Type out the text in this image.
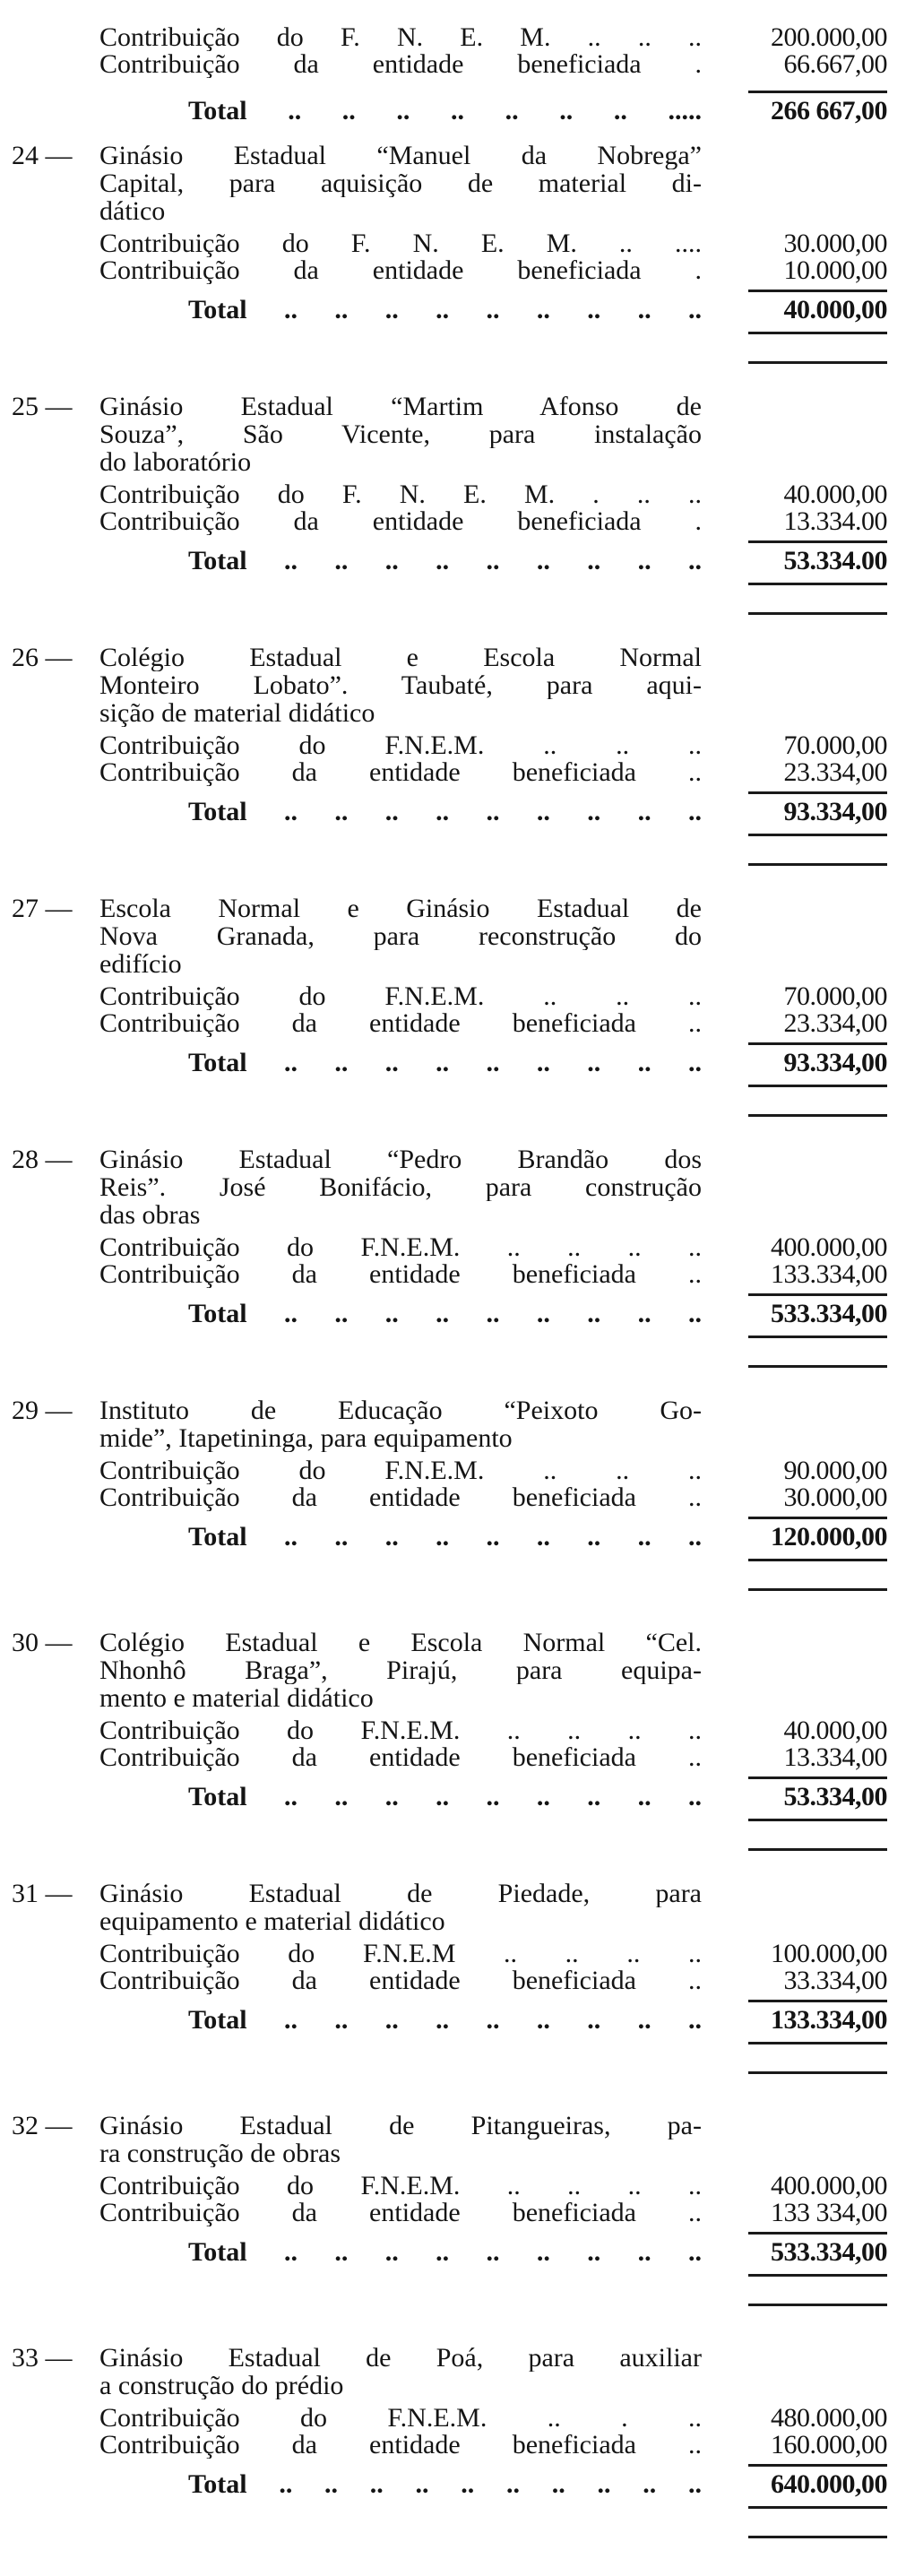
Contribuição do F. N. E. M. .. .. ..	200.000,00
Contribuição da entidade beneficiada .	66.667,00
Total .. .. .. .. .. .. .. .....	266 667,00
24 —	Ginásio Estadual “Manuel da Nobrega”
Capital, para aquisição de material di-
dático
Contribuição do F. N. E. M. .. ....	30.000,00
Contribuição da entidade beneficiada .	10.000,00
Total .. .. .. .. .. .. .. .. ..	40.000,00
25 —	Ginásio Estadual “Martim Afonso de
Souza”, São Vicente, para instalação
do laboratório
Contribuição do F. N. E. M. . .. ..	40.000,00
Contribuição da entidade beneficiada .	13.334.00
Total .. .. .. .. .. .. .. .. ..	53.334.00
26 —	Colégio Estadual e Escola Normal
Monteiro Lobato”. Taubaté, para aqui-
sição de material didático
Contribuição do F.N.E.M. .. .. ..	70.000,00
Contribuição da entidade beneficiada ..	23.334,00
Total .. .. .. .. .. .. .. .. ..	93.334,00
27 —	Escola Normal e Ginásio Estadual de
Nova Granada, para reconstrução do
edifício
Contribuição do F.N.E.M. .. .. ..	70.000,00
Contribuição da entidade beneficiada ..	23.334,00
Total .. .. .. .. .. .. .. .. ..	93.334,00
28 —	Ginásio Estadual “Pedro Brandão dos
Reis”. José Bonifácio, para construção
das obras
Contribuição do F.N.E.M. .. .. .. ..	400.000,00
Contribuição da entidade beneficiada ..	133.334,00
Total .. .. .. .. .. .. .. .. ..	533.334,00
29 —	Instituto de Educação “Peixoto Go-
mide”, Itapetininga, para equipamento
Contribuição do F.N.E.M. .. .. ..	90.000,00
Contribuição da entidade beneficiada ..	30.000,00
Total .. .. .. .. .. .. .. .. ..	120.000,00
30 —	Colégio Estadual e Escola Normal “Cel.
Nhonhô Braga”, Pirajú, para equipa-
mento e material didático
Contribuição do F.N.E.M. .. .. .. ..	40.000,00
Contribuição da entidade beneficiada ..	13.334,00
Total .. .. .. .. .. .. .. .. ..	53.334,00
31 —	Ginásio Estadual de Piedade, para
equipamento e material didático
Contribuição do F.N.E.M .. .. .. ..	100.000,00
Contribuição da entidade beneficiada ..	33.334,00
Total .. .. .. .. .. .. .. .. ..	133.334,00
32 —	Ginásio Estadual de Pitangueiras, pa-
ra construção de obras
Contribuição do F.N.E.M. .. .. .. ..	400.000,00
Contribuição da entidade beneficiada ..	133 334,00
Total .. .. .. .. .. .. .. .. ..	533.334,00
33 —	Ginásio Estadual de Poá, para auxiliar
a construção do prédio
Contribuição do F.N.E.M. .. . ..	480.000,00
Contribuição da entidade beneficiada ..	160.000,00
Total .. .. .. .. .. .. .. .. .. ..	640.000,00
